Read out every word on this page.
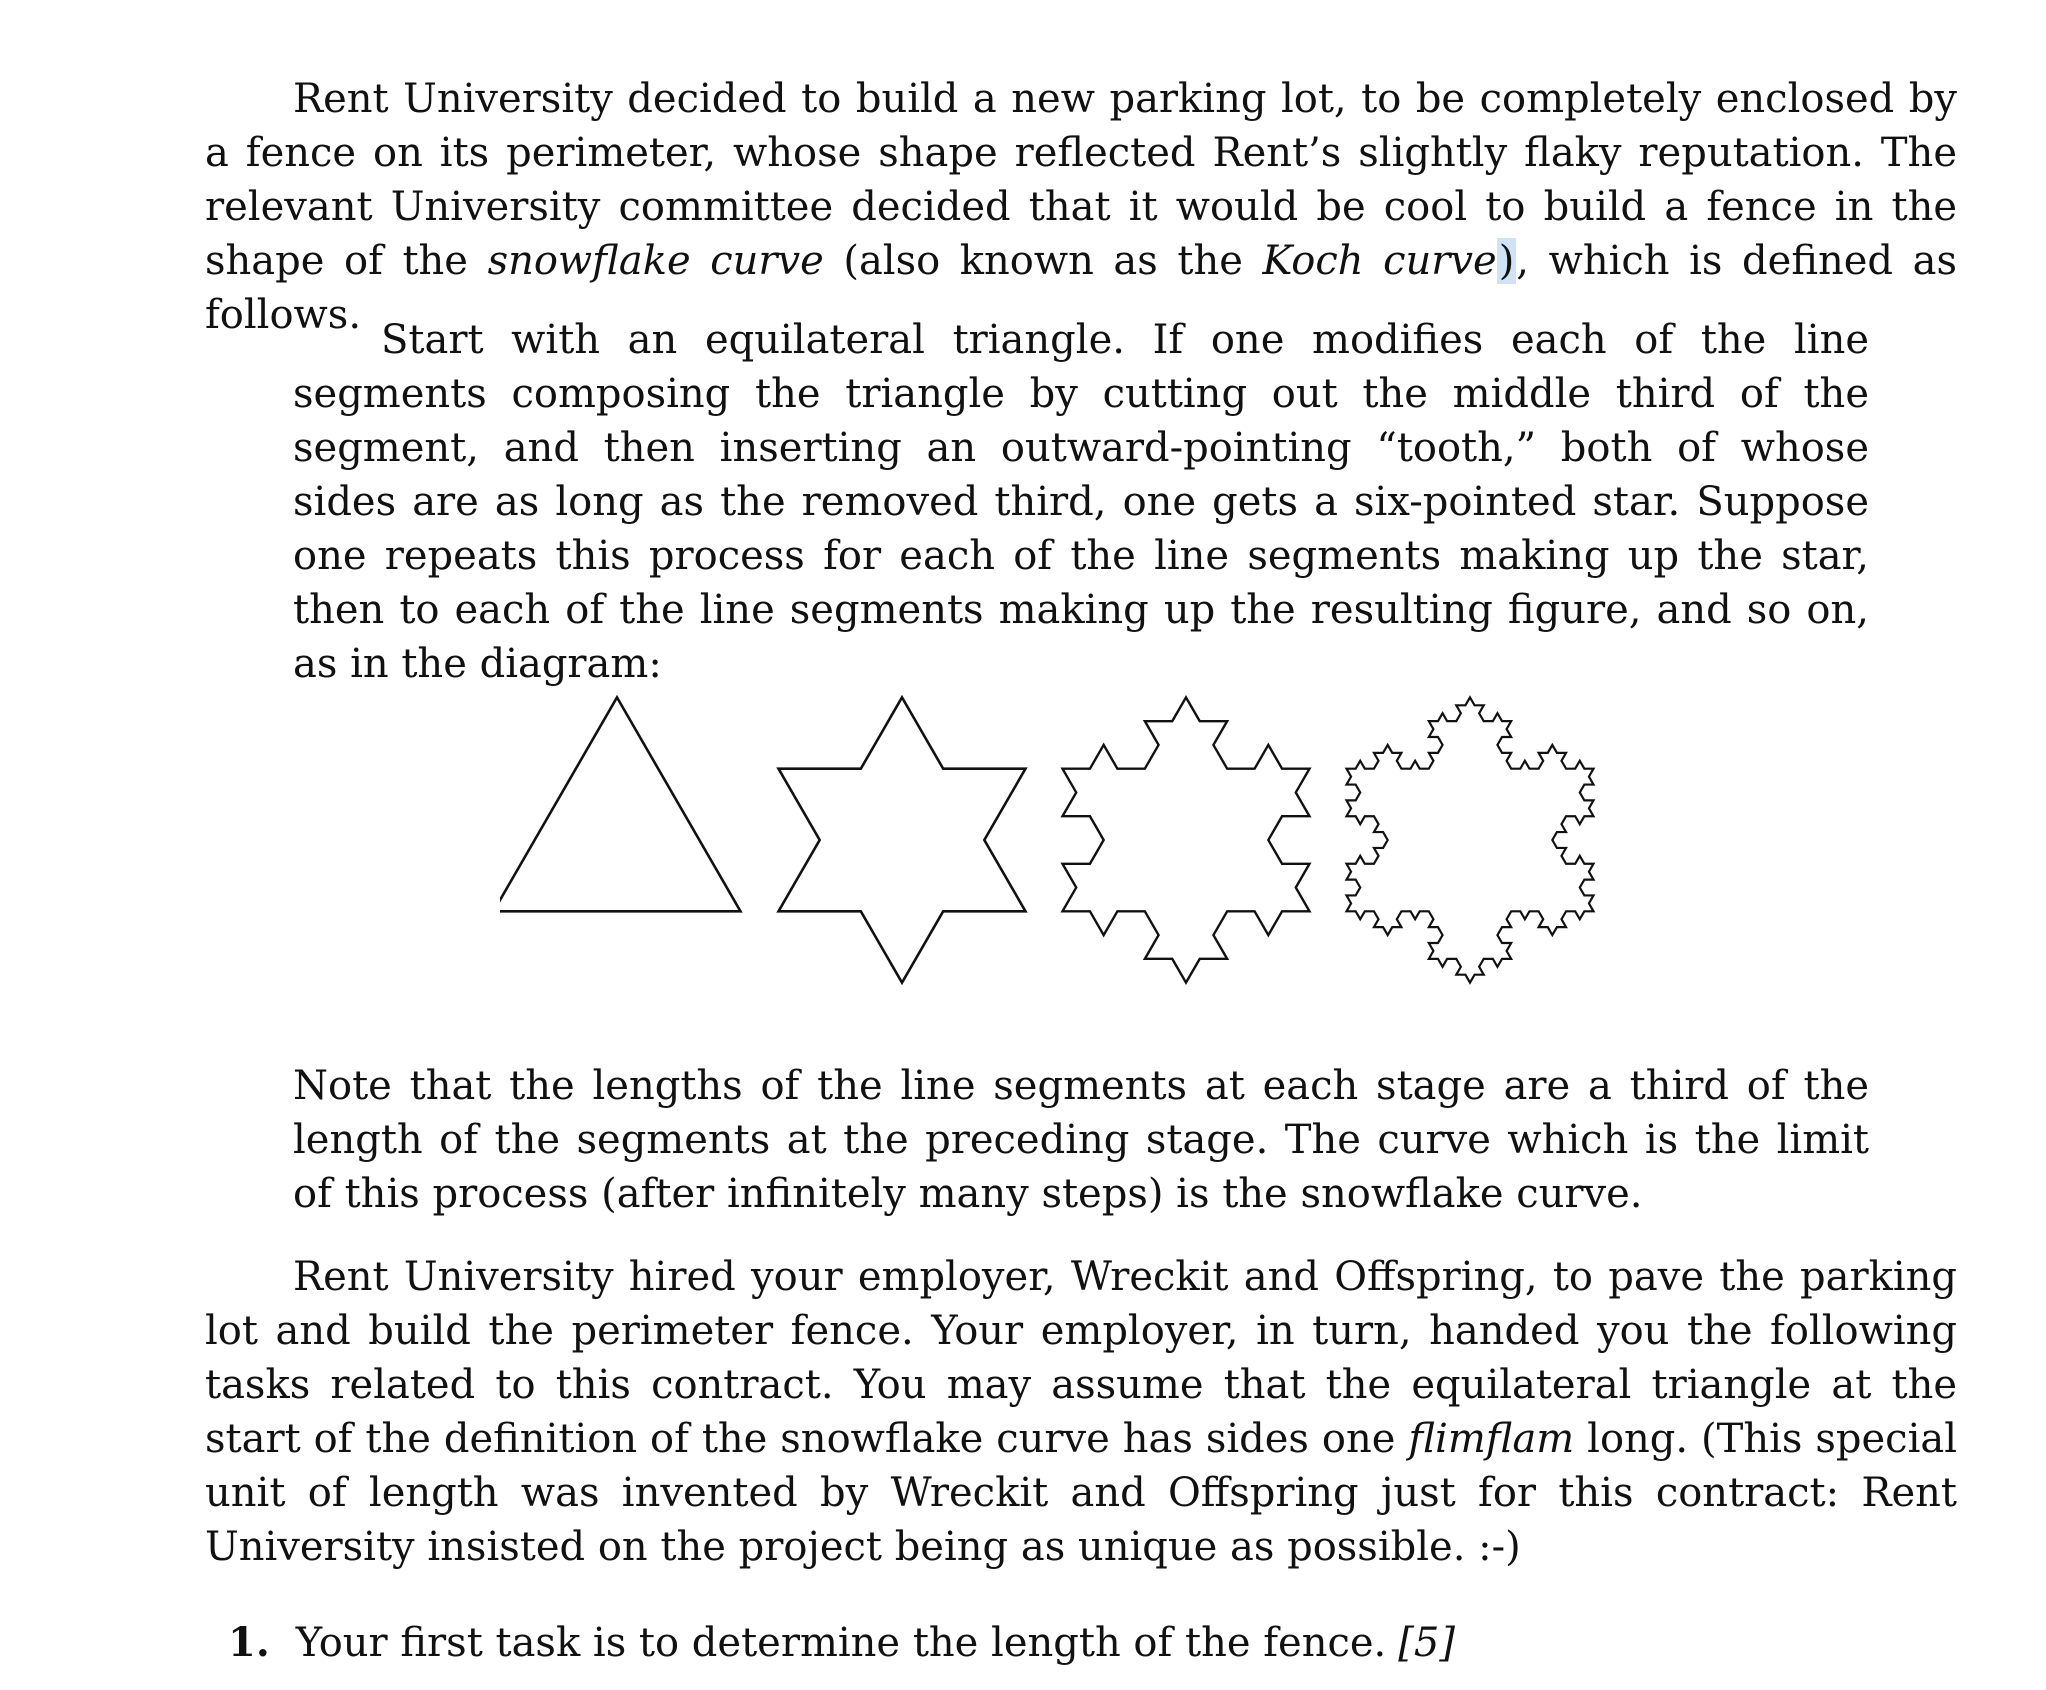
Rent University decided to build a new parking lot, to be completely enclosed by a fence on its perimeter, whose shape reflected Rent’s slightly flaky reputation. The relevant University committee decided that it would be cool to build a fence in the shape of the snowflake curve (also known as the Koch curve), which is defined as follows.

Start with an equilateral triangle. If one modifies each of the line segments composing the triangle by cutting out the middle third of the segment, and then inserting an outward-pointing “tooth,” both of whose sides are as long as the removed third, one gets a six-pointed star. Suppose one repeats this process for each of the line segments making up the star, then to each of the line segments making up the resulting figure, and so on, as in the diagram:

Note that the lengths of the line segments at each stage are a third of the length of the segments at the preceding stage. The curve which is the limit of this process (after infinitely many steps) is the snowflake curve.

Rent University hired your employer, Wreckit and Offspring, to pave the parking lot and build the perimeter fence. Your employer, in turn, handed you the following tasks related to this contract. You may assume that the equilateral triangle at the start of the definition of the snowflake curve has sides one flimflam long. (This special unit of length was invented by Wreckit and Offspring just for this contract: Rent University insisted on the project being as unique as possible. :-)

1. Your first task is to determine the length of the fence. [5]
